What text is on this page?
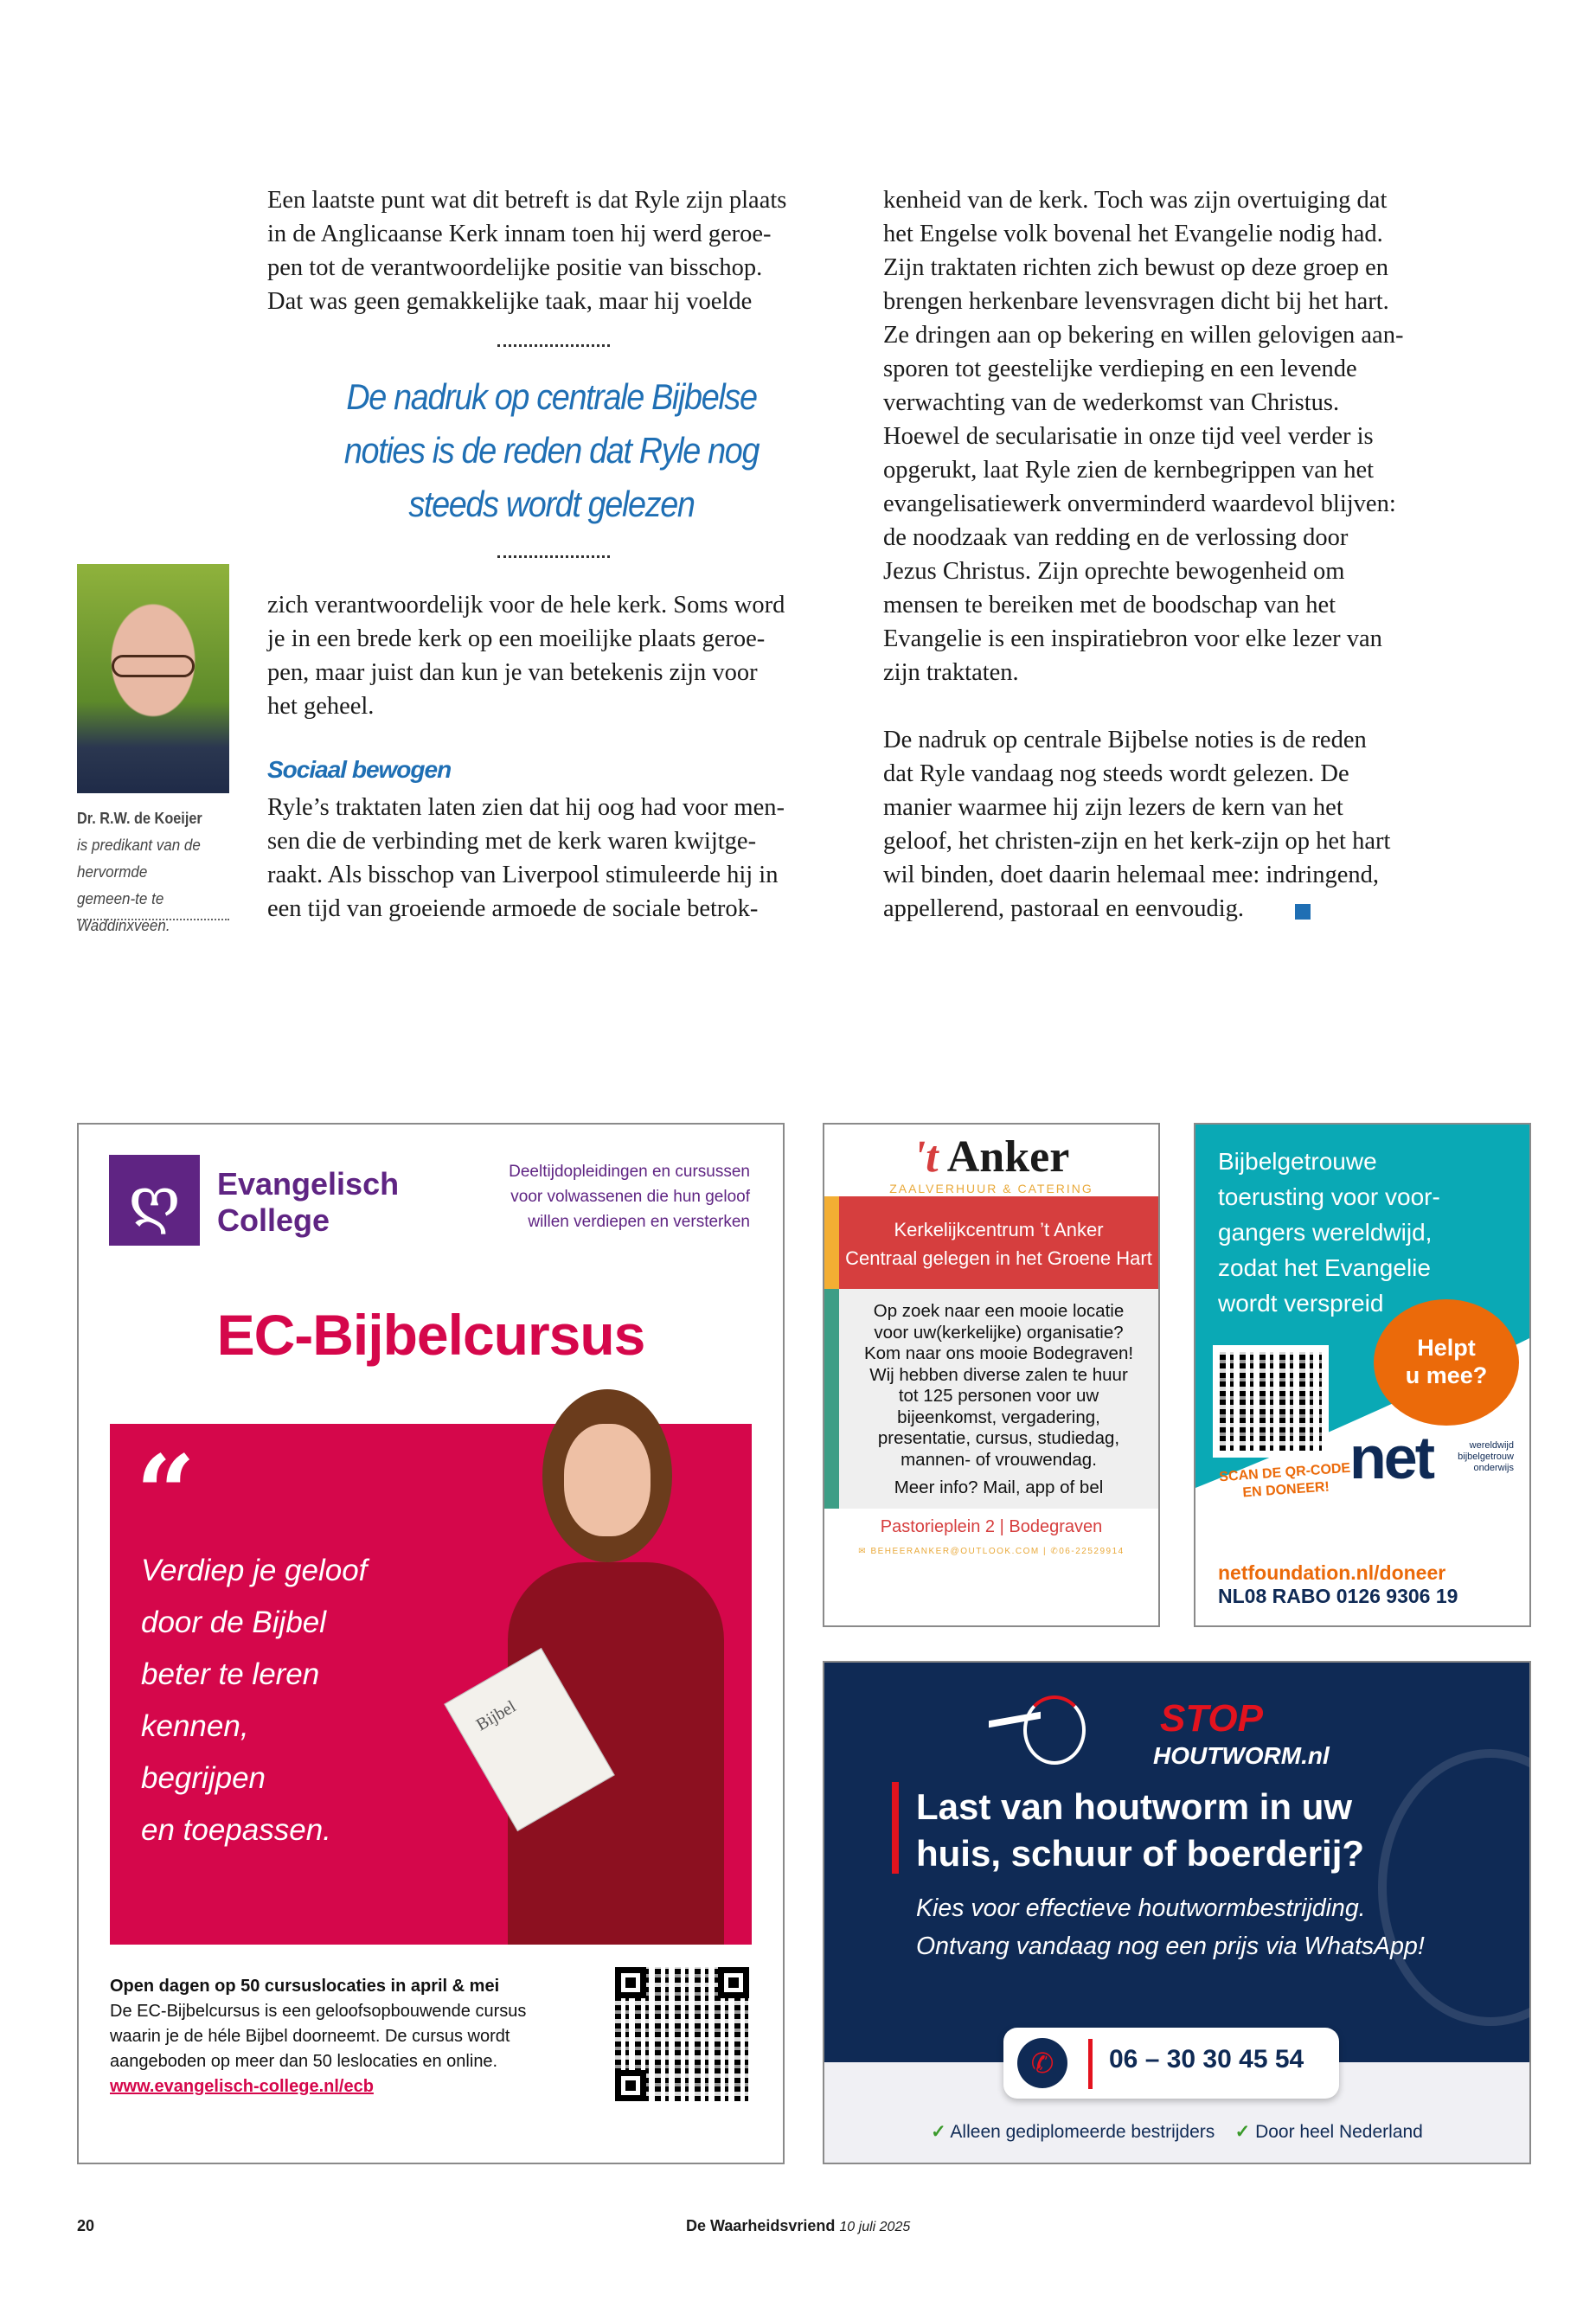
Een laatste punt wat dit betreft is dat Ryle zijn plaats
in de Anglicaanse Kerk innam toen hij werd geroe-
pen tot de verantwoordelijke positie van bisschop.
Dat was geen gemakkelijke taak, maar hij voelde
De nadruk op centrale Bijbelse
noties is de reden dat Ryle nog
steeds wordt gelezen
zich verantwoordelijk voor de hele kerk. Soms word
je in een brede kerk op een moeilijke plaats geroe-
pen, maar juist dan kun je van betekenis zijn voor
het geheel.
Sociaal bewogen
Ryle’s traktaten laten zien dat hij oog had voor men-
sen die de verbinding met de kerk waren kwijtge-
raakt. Als bisschop van Liverpool stimuleerde hij in
een tijd van groeiende armoede de sociale betrok-
kenheid van de kerk. Toch was zijn overtuiging dat
het Engelse volk bovenal het Evangelie nodig had.
Zijn traktaten richten zich bewust op deze groep en
brengen herkenbare levensvragen dicht bij het hart.
Ze dringen aan op bekering en willen gelovigen aan-
sporen tot geestelijke verdieping en een levende
verwachting van de wederkomst van Christus.
Hoewel de secularisatie in onze tijd veel verder is
opgerukt, laat Ryle zien de kernbegrippen van het
evangelisatiewerk onverminderd waardevol blijven:
de noodzaak van redding en de verlossing door
Jezus Christus. Zijn oprechte bewogenheid om
mensen te bereiken met de boodschap van het
Evangelie is een inspiratiebron voor elke lezer van
zijn traktaten.
De nadruk op centrale Bijbelse noties is de reden
dat Ryle vandaag nog steeds wordt gelezen. De
manier waarmee hij zijn lezers de kern van het
geloof, het christen-zijn en het kerk-zijn op het hart
wil binden, doet daarin helemaal mee: indringend,
appellerend, pastoraal en eenvoudig.
Dr. R.W. de Koeijer
is predikant van de hervormde gemeen-te te Waddinxveen.
ღ	Evangelisch
College
Deeltijdopleidingen en cursussen
voor volwassenen die hun geloof
willen verdiepen en versterken
EC-Bijbelcursus
“
Verdiep je geloof
door de Bijbel
beter te leren
kennen,
begrijpen
en toepassen.
Bijbel
Open dagen op 50 cursuslocaties in april & mei
De EC-Bijbelcursus is een geloofsopbouwende cursus
waarin je de héle Bijbel doorneemt. De cursus wordt
aangeboden op meer dan 50 leslocaties en online.
www.evangelisch-college.nl/ecb
't Anker
ZAALVERHUUR & CATERING
Kerkelijkcentrum ’t Anker
Centraal gelegen in het Groene Hart
Op zoek naar een mooie locatie
voor uw(kerkelijke) organisatie?
Kom naar ons mooie Bodegraven!
Wij hebben diverse zalen te huur
tot 125 personen voor uw
bijeenkomst, vergadering,
presentatie, cursus, studiedag,
mannen- of vrouwendag.
Meer info? Mail, app of bel
Pastorieplein 2 | Bodegraven
✉ BEHEERANKER@OUTLOOK.COM | ✆06-22529914
Bijbelgetrouwe
toerusting voor voor-
gangers wereldwijd,
zodat het Evangelie
wordt verspreid
Helpt
u mee?
SCAN DE QR-CODE
EN DONEER! net	wereldwijd
bijbelgetrouw
onderwijs
netfoundation.nl/doneer
NL08 RABO 0126 9306 19
STOP
HOUTWORM.nl
Last van houtworm in uw
huis, schuur of boerderij?
Kies voor effectieve houtwormbestrijding.
Ontvang vandaag nog een prijs via WhatsApp!
✆	06 – 30 30 45 54
✓ Alleen gediplomeerde bestrijders ✓ Door heel Nederland
20	De Waarheidsvriend 10 juli 2025
